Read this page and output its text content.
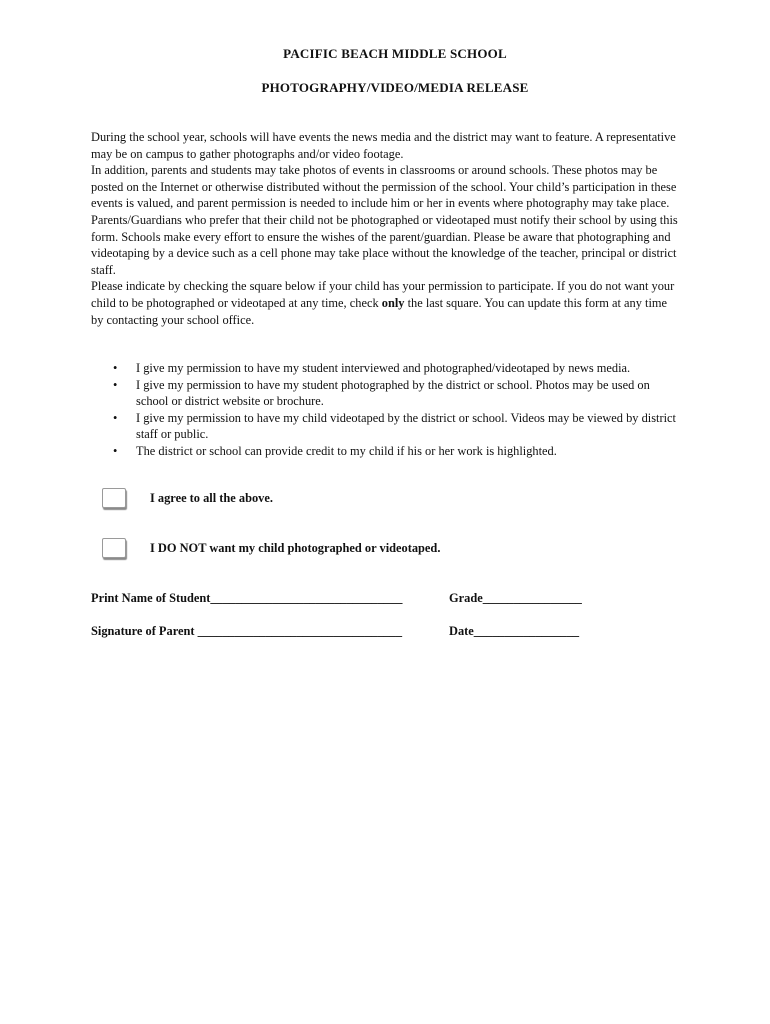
PACIFIC BEACH MIDDLE SCHOOL
PHOTOGRAPHY/VIDEO/MEDIA RELEASE

During the school year, schools will have events the news media and the district may want to feature. A representative may be on campus to gather photographs and/or video footage.

In addition, parents and students may take photos of events in classrooms or around schools. These photos may be posted on the Internet or otherwise distributed without the permission of the school. Your child’s participation in these events is valued, and parent permission is needed to include him or her in events where photography may take place.

Parents/Guardians who prefer that their child not be photographed or videotaped must notify their school by using this form. Schools make every effort to ensure the wishes of the parent/guardian. Please be aware that photographing and videotaping by a device such as a cell phone may take place without the knowledge of the teacher, principal or district staff.

Please indicate by checking the square below if your child has your permission to participate. If you do not want your child to be photographed or videotaped at any time, check only the last square. You can update this form at any time by contacting your school office.

• I give my permission to have my student interviewed and photographed/videotaped by news media.
• I give my permission to have my student photographed by the district or school. Photos may be used on school or district website or brochure.
• I give my permission to have my child videotaped by the district or school. Videos may be viewed by district staff or public.
• The district or school can provide credit to my child if his or her work is highlighted.
I agree to all the above.
I DO NOT want my child photographed or videotaped.
Print Name of Student_______________________________	Grade________________
Signature of Parent _________________________________	Date_________________
